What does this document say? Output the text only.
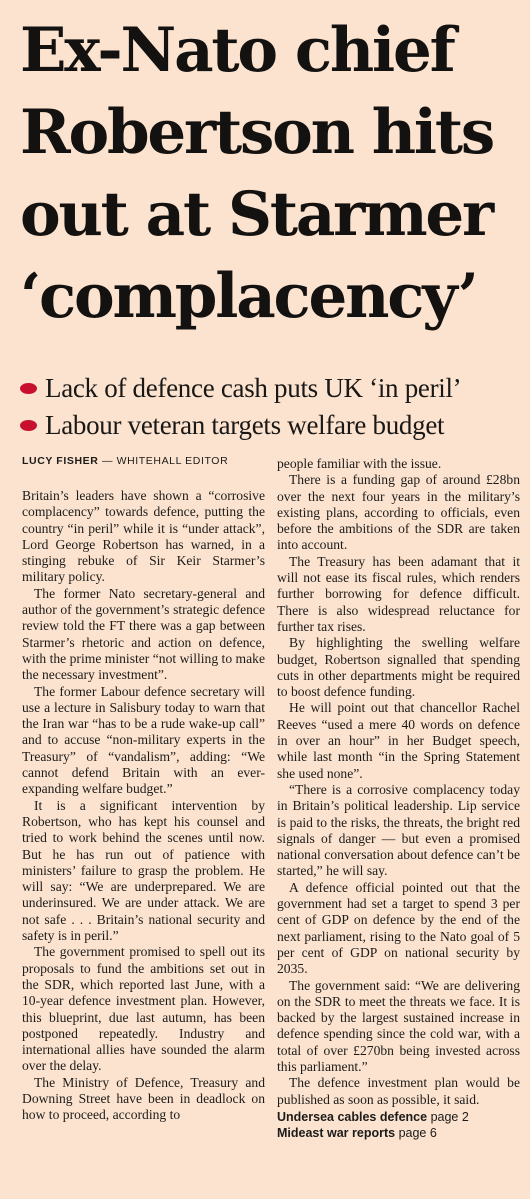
Ex-Nato chief
Robertson hits
out at Starmer
‘complacency’
Lack of defence cash puts UK ‘in peril’
Labour veteran targets welfare budget
LUCY FISHER — WHITEHALL EDITOR

Britain’s leaders have shown a “corrosive complacency” towards defence, putting the country “in peril” while it is “under attack”, Lord George Robertson has warned, in a stinging rebuke of Sir Keir Starmer’s military policy.

The former Nato secretary-general and author of the government’s strategic defence review told the FT there was a gap between Starmer’s rhetoric and action on defence, with the prime minister “not willing to make the necessary investment”.

The former Labour defence secretary will use a lecture in Salisbury today to warn that the Iran war “has to be a rude wake-up call” and to accuse “non-military experts in the Treasury” of “vandalism”, adding: “We cannot defend Britain with an ever-expanding welfare budget.”

It is a significant intervention by Robertson, who has kept his counsel and tried to work behind the scenes until now. But he has run out of patience with ministers’ failure to grasp the problem. He will say: “We are underprepared. We are underinsured. We are under attack. We are not safe . . . Britain’s national security and safety is in peril.”

The government promised to spell out its proposals to fund the ambitions set out in the SDR, which reported last June, with a 10-year defence investment plan. However, this blueprint, due last autumn, has been postponed repeatedly. Industry and international allies have sounded the alarm over the delay.

The Ministry of Defence, Treasury and Downing Street have been in deadlock on how to proceed, according to

people familiar with the issue.

There is a funding gap of around £28bn over the next four years in the military’s existing plans, according to officials, even before the ambitions of the SDR are taken into account.

The Treasury has been adamant that it will not ease its fiscal rules, which renders further borrowing for defence difficult. There is also widespread reluctance for further tax rises.

By highlighting the swelling welfare budget, Robertson signalled that spending cuts in other departments might be required to boost defence funding.

He will point out that chancellor Rachel Reeves “used a mere 40 words on defence in over an hour” in her Budget speech, while last month “in the Spring Statement she used none”.

“There is a corrosive complacency today in Britain’s political leadership. Lip service is paid to the risks, the threats, the bright red signals of danger — but even a promised national conversation about defence can’t be started,” he will say.

A defence official pointed out that the government had set a target to spend 3 per cent of GDP on defence by the end of the next parliament, rising to the Nato goal of 5 per cent of GDP on national security by 2035.

The government said: “We are delivering on the SDR to meet the threats we face. It is backed by the largest sustained increase in defence spending since the cold war, with a total of over £270bn being invested across this parliament.”

The defence investment plan would be published as soon as possible, it said.

Undersea cables defence page 2
Mideast war reports page 6
